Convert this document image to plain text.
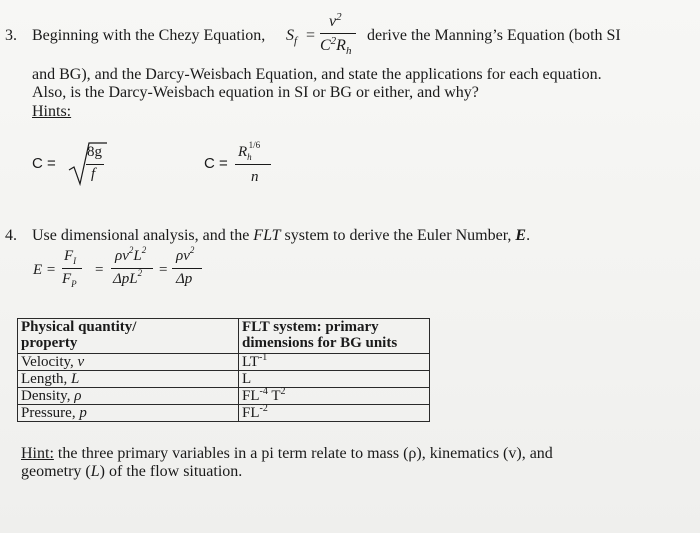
3. Beginning with the Chezy Equation, $S_f$ =
$v^2$
$C^2R_h$
derive the Manning’s Equation (both SI
and BG), and the Darcy-Weisbach Equation, and state the applications for each equation.
Also, is the Darcy-Weisbach equation in SI or BG or either, and why?
Hints:
C =
8g
f
C =
$R_h^{1/6}$
n
4. Use dimensional analysis, and the FLT system to derive the Euler Number, E.
E =
$F_I$
$F_P$
=
$\rho v^2L^2$
ΔpL$^2$ =
$\rho v^2$
Δp
Physical quantity/
property	FLT system: primary
dimensions for BG units
Velocity, v	$LT^{-1}$
Length, L	L
Density, ρ	$FL^{-4}$ $T^2$
Pressure, p	$FL^{-2}$
Hint: the three primary variables in a pi term relate to mass (ρ), kinematics (v), and
geometry (L) of the flow situation.
